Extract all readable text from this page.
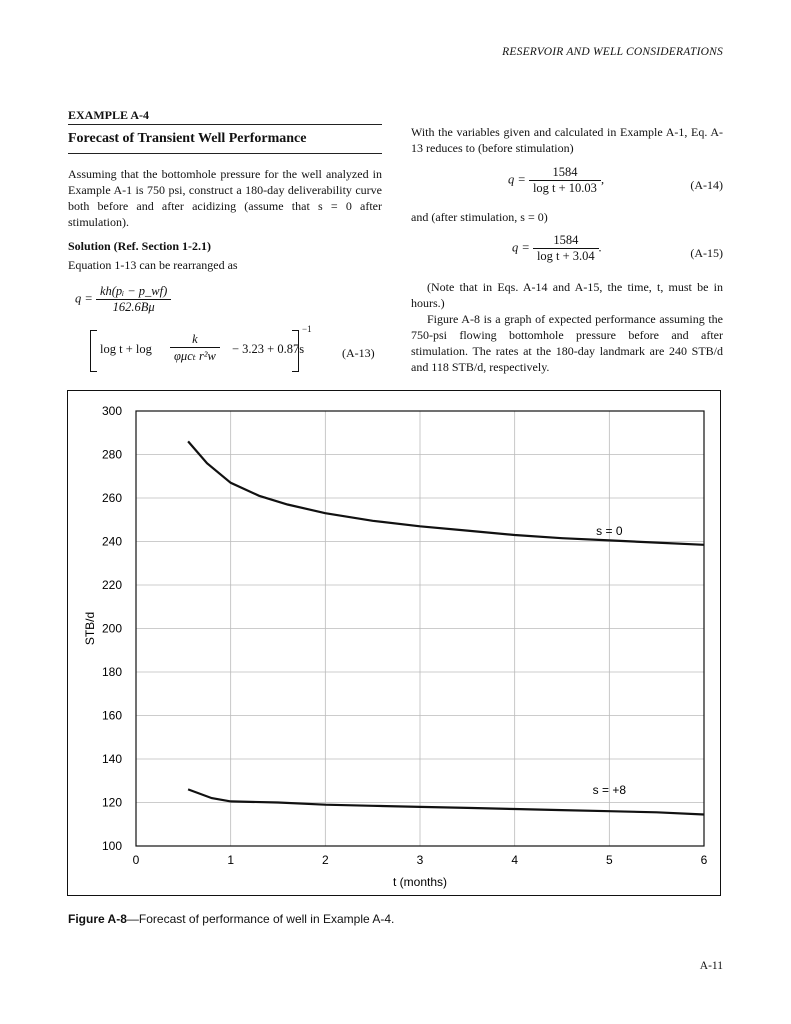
RESERVOIR AND WELL CONSIDERATIONS
EXAMPLE A-4
Forecast of Transient Well Performance
Assuming that the bottomhole pressure for the well analyzed in Example A-1 is 750 psi, construct a 180-day deliverability curve both before and after acidizing (assume that s = 0 after stimulation).
Solution (Ref. Section 1-2.1)
Equation 1-13 can be rearranged as
$q = \frac{\text{kh(pᵢ − p\_wf)}}{162.6B\mu}$
log t + log
k
φμcₜ r²w	− 3.23 + 0.87s
−1
(A-13)
With the variables given and calculated in Example A-1, Eq. A-13 reduces to (before stimulation)
$q = \frac{1584}{\text{log t + 10.03}}$ ,	(A-14)
and (after stimulation, s = 0)
$q = \frac{1584}{\text{log t + 3.04}}$ .	(A-15)
(Note that in Eqs. A-14 and A-15, the time, t, must be in hours.)
Figure A-8 is a graph of expected performance assuming the 750-psi flowing bottomhole pressure before and after stimulation. The rates at the 180-day landmark are 240 STB/d and 118 STB/d, respectively.
100
120
140
160
180
200
220
240
260
280
300
0	1	2	3	4	5	6
t (months)
STB/d
s = 0
s = +8
Figure A-8—Forecast of performance of well in Example A-4.
A-11
